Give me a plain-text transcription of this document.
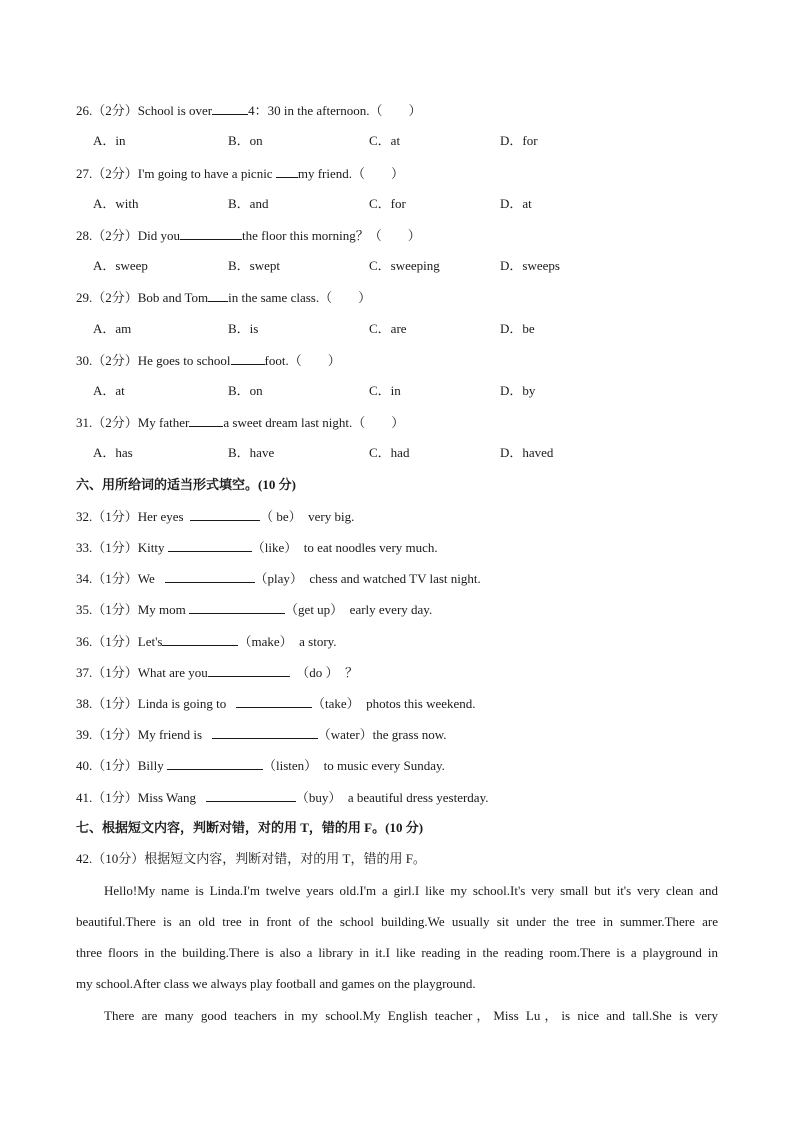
26.（2分）School is over	4：30 in the afternoon.（　　）
A．in	B．on	C．at	D．for
27.（2分）I'm going to have a picnic my friend.（　　）
A．with	B．and	C．for	D．at
28.（2分）Did you	the floor this morning？（　　）
A．sweep	B．swept	C．sweeping	D．sweeps
29.（2分）Bob and Tom in the same class.（　　）
A．am	B．is	C．are	D．be
30.（2分）He goes to school	foot.（　　）
A．at	B．on	C．in	D．by
31.（2分）My father	a sweet dream last night.（　　）
A．has	B．have	C．had	D．haved
六、用所给词的适当形式填空。(10 分)
32.（1分）Her eyes	（ be）  very big.
33.（1分）Kitty	（like）  to eat noodles very much.
34.（1分）We	（play）  chess and watched TV last night.
35.（1分）My mom	（get up）  early every day.
36.（1分）Let's	（make）  a story.
37.（1分）What are you	（do ）  ？
38.（1分）Linda is going to	（take）  photos this weekend.
39.（1分）My friend is	（water）the grass now.
40.（1分）Billy	（listen）  to music every Sunday.
41.（1分）Miss Wang	（buy）  a beautiful dress yesterday.
七、根据短文内容，判断对错，对的用 T，错的用 F。(10 分)
42.（10分）根据短文内容，判断对错，对的用 T，错的用 F。
Hello!My name is Linda.I'm twelve years old.I'm a girl.I like my school.It's very small but it's very clean and
beautiful.There is an old tree in front of the school building.We usually sit under the tree in summer.There are
three floors in the building.There is also a library in it.I like reading in the reading room.There is a playground in
my school.After class we always play football and games on the playground.
There are many good teachers in my school.My English teacher，Miss Lu，is nice and tall.She is very
